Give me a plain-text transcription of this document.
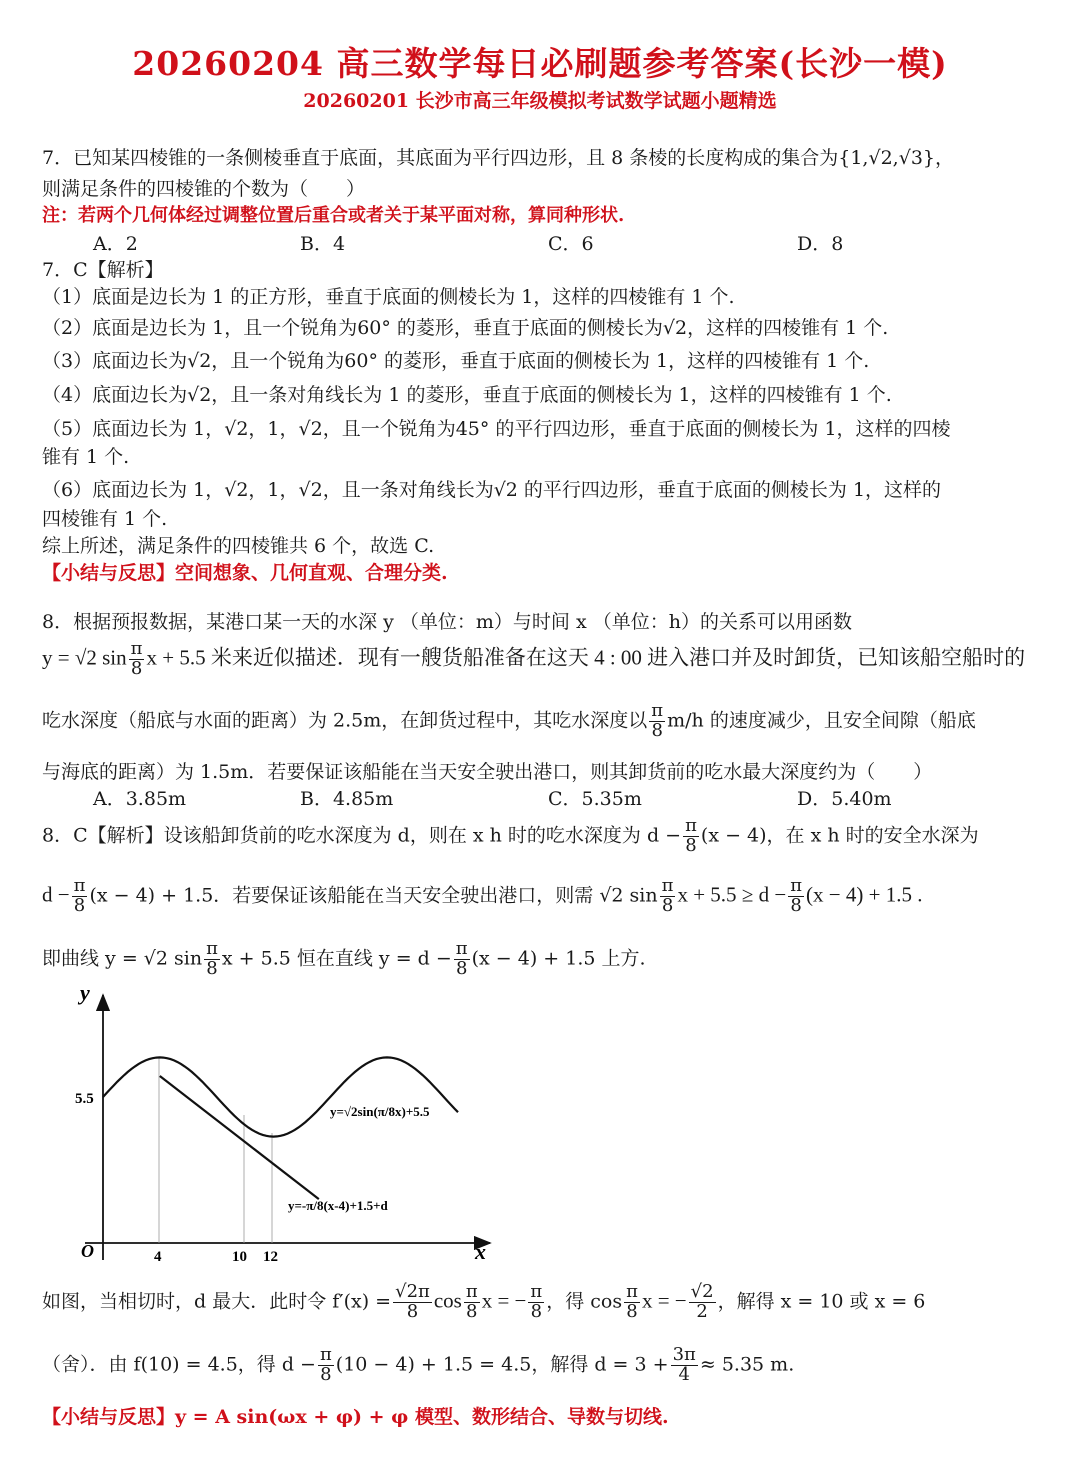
20260204 高三数学每日必刷题参考答案(长沙一模)
20260201 长沙市高三年级模拟考试数学试题小题精选
7．已知某四棱锥的一条侧棱垂直于底面，其底面为平行四边形，且 8 条棱的长度构成的集合为{1,√2,√3}，
则满足条件的四棱锥的个数为（　　）
注：若两个几何体经过调整位置后重合或者关于某平面对称，算同种形状.
A．2	B．4	C．6	D．8
7．C【解析】
（1）底面是边长为 1 的正方形，垂直于底面的侧棱长为 1，这样的四棱锥有 1 个.
（2）底面是边长为 1，且一个锐角为60° 的菱形，垂直于底面的侧棱长为√2，这样的四棱锥有 1 个.
（3）底面边长为√2，且一个锐角为60° 的菱形，垂直于底面的侧棱长为 1，这样的四棱锥有 1 个.
（4）底面边长为√2，且一条对角线长为 1 的菱形，垂直于底面的侧棱长为 1，这样的四棱锥有 1 个.
（5）底面边长为 1，√2，1，√2，且一个锐角为45° 的平行四边形，垂直于底面的侧棱长为 1，这样的四棱
锥有 1 个.
（6）底面边长为 1，√2，1，√2，且一条对角线长为√2 的平行四边形，垂直于底面的侧棱长为 1，这样的
四棱锥有 1 个.
综上所述，满足条件的四棱锥共 6 个，故选 C.
【小结与反思】空间想象、几何直观、合理分类.
8．根据预报数据，某港口某一天的水深 y （单位：m）与时间 x （单位：h）的关系可以用函数
y = √2 $\sin \frac{\pi}{8}$ x + 5.5 米来近似描述．现有一艘货船准备在这天 4 : 00 进入港口并及时卸货，已知该船空船时的
吃水深度（船底与水面的距离）为 2.5m，在卸货过程中，其吃水深度以 $\frac{\pi}{8} m/h$ 的速度减少，且安全间隙（船底
与海底的距离）为 1.5m．若要保证该船能在当天安全驶出港口，则其卸货前的吃水最大深度约为（　　）
A．3.85m	B．4.85m	C．5.35m	D．5.40m
8．C【解析】设该船卸货前的吃水深度为 d，则在 x h 时的吃水深度为 $d - \frac{\pi}{8} (x - 4)$，在 x h 时的安全水深为
$d - \frac{\pi}{8} (x - 4) + 1.5$．若要保证该船能在当天安全驶出港口，则需 √2 $\sin \frac{\pi}{8}$ $x + 5.5 \ge d - \frac{\pi}{8} (x - 4) + 1.5$ .
即曲线 y = √2 $\sin \frac{\pi}{8}$ x + 5.5 恒在直线 $y = d - \frac{\pi}{8} (x - 4) + 1.5$ 上方.
y
x
O
5.5
4	10 12
y=√2sin(π/8x)+5.5
y=-π/8(x-4)+1.5+d
如图，当相切时，d 最大．此时令 $f'(x) = \frac{√2\pi}{8}$ $\cos \frac{\pi}{8}$ x = − $\frac{\pi}{8}$ ，得 $\cos \frac{\pi}{8}$ x = − $\frac{√2}{2}$ ，解得 x = 10 或 x = 6
（舍）．由 f(10) = 4.5，得 $d - \frac{\pi}{8} (10 - 4) + 1.5 = 4.5$，解得 $d = 3 + \frac{3\pi}{4} \approx 5.35$ m.
【小结与反思】y = A sin(ωx + φ) + φ 模型、数形结合、导数与切线.
